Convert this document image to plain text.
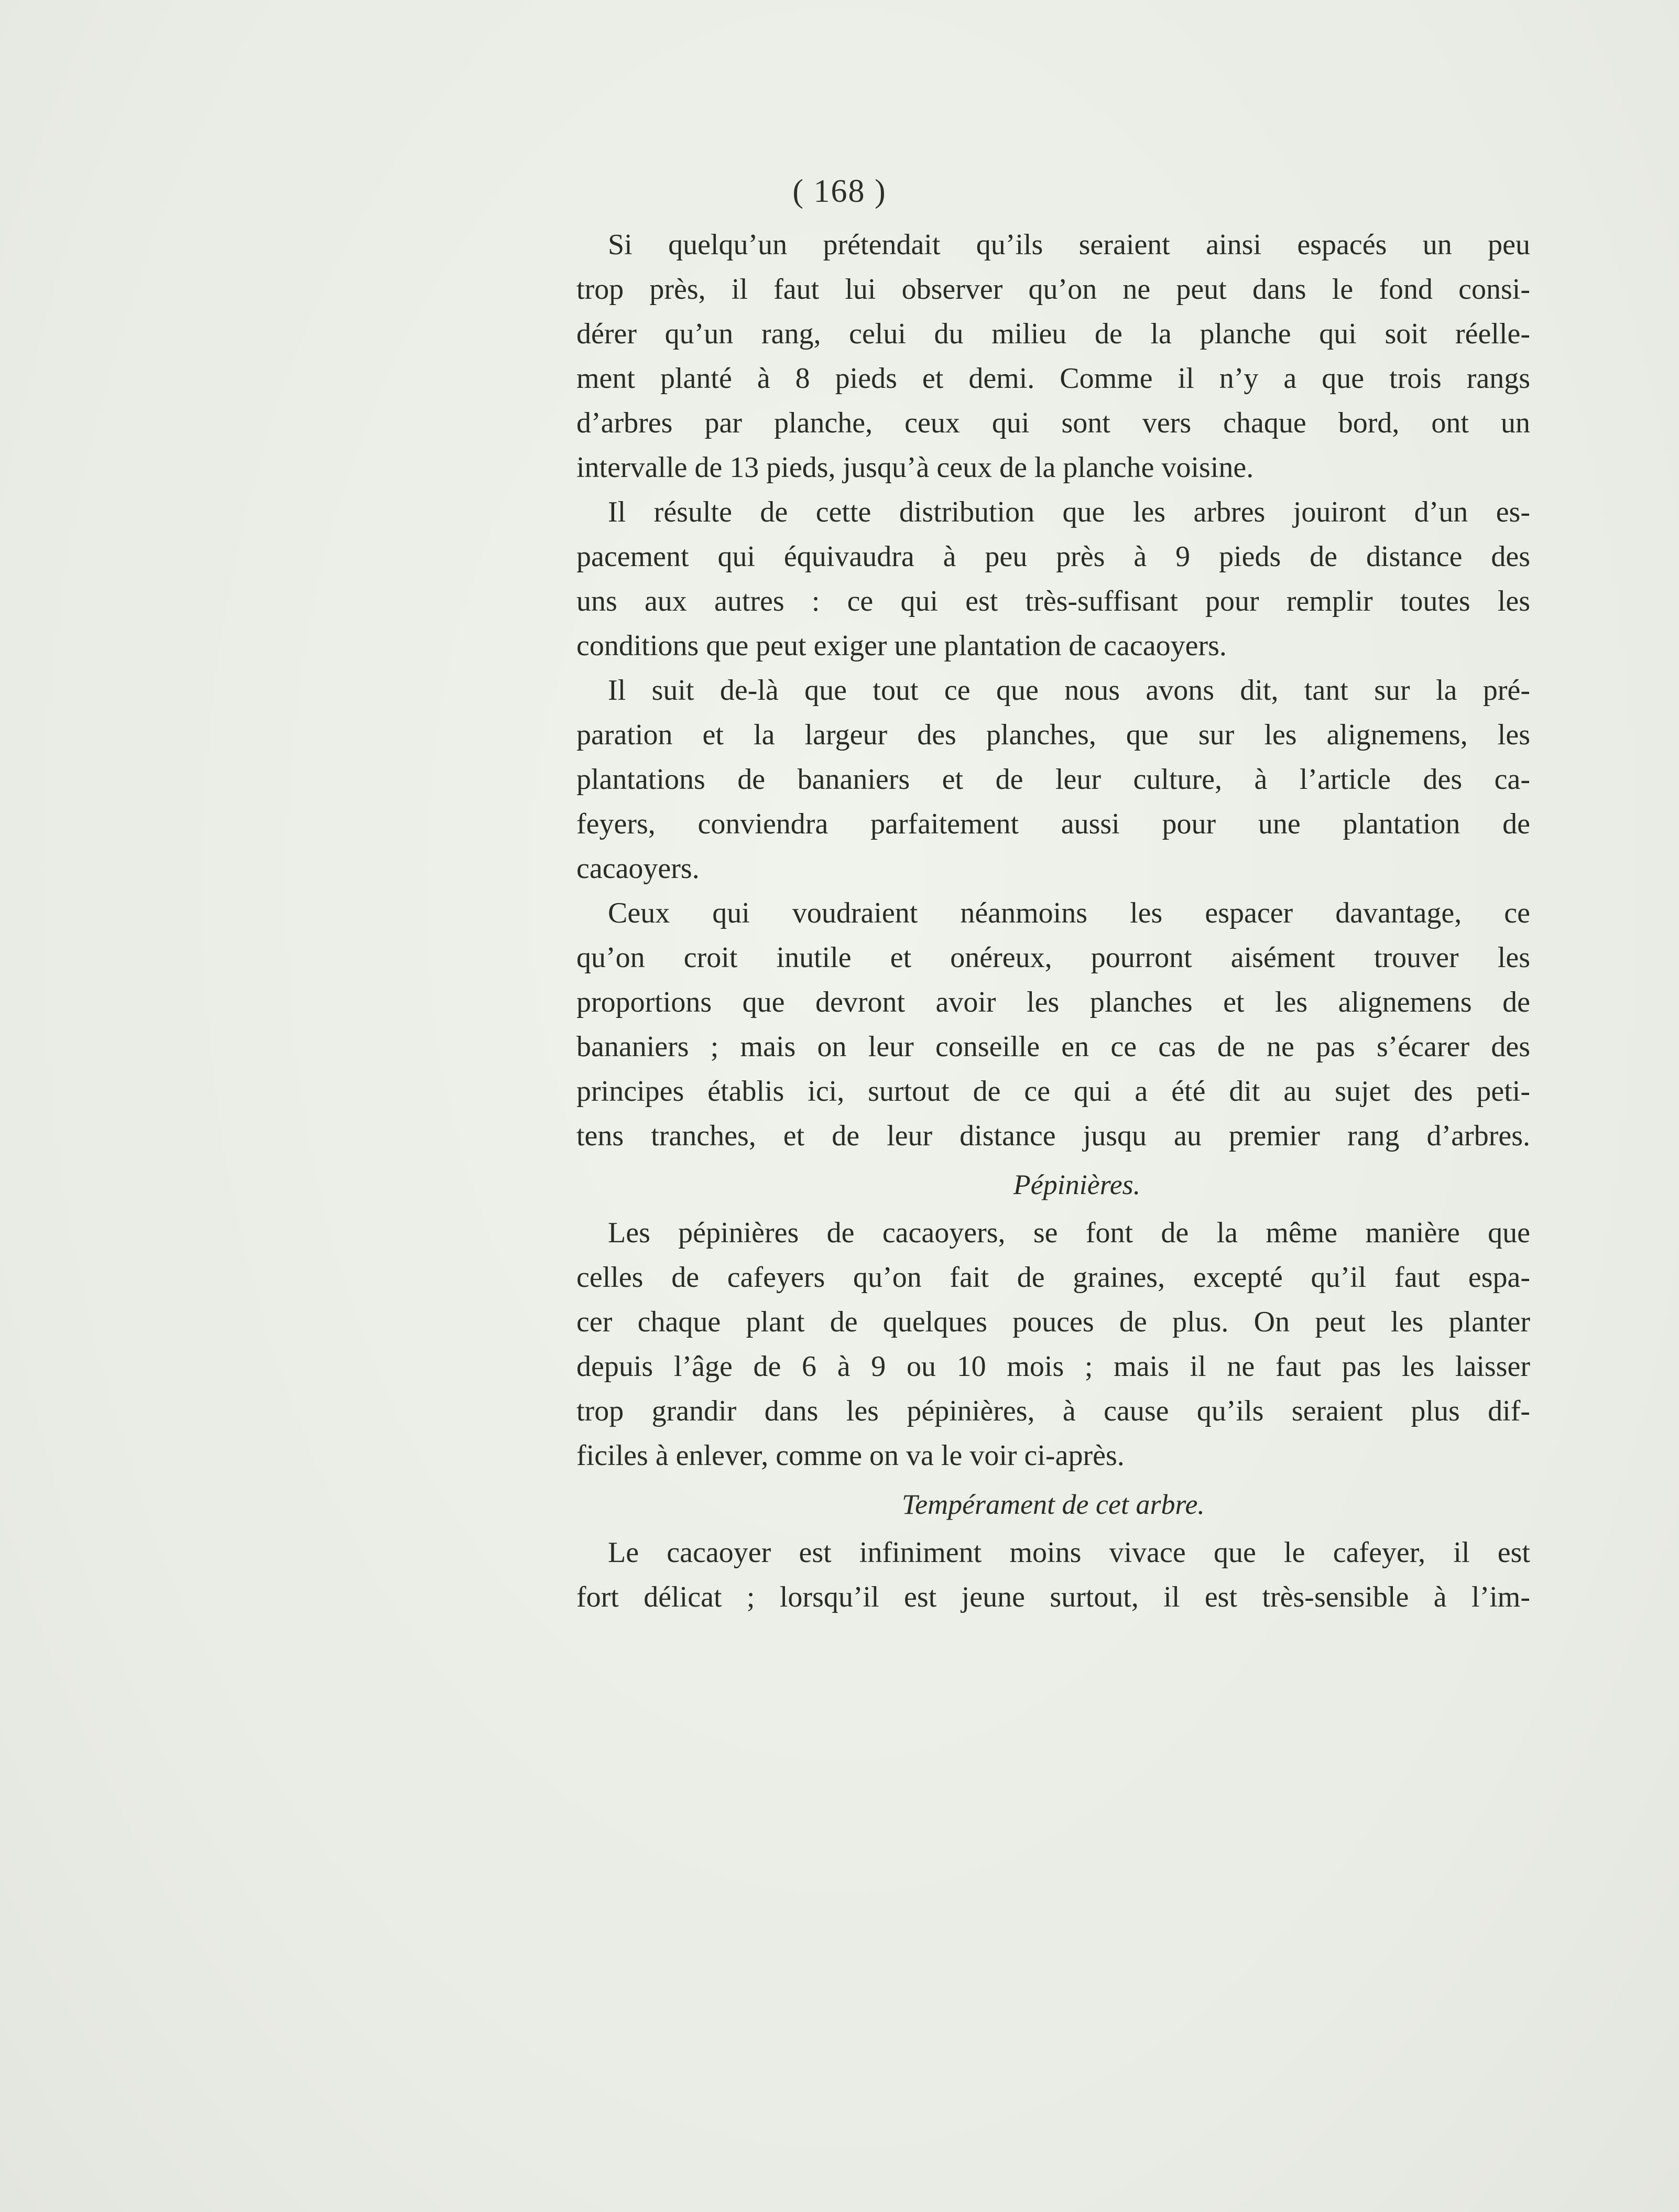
( 168 )
Si quelqu’un prétendait qu’ils seraient ainsi espacés un peu
trop près, il faut lui observer qu’on ne peut dans le fond consi-
dérer qu’un rang, celui du milieu de la planche qui soit réelle-
ment planté à 8 pieds et demi. Comme il n’y a que trois rangs
d’arbres par planche, ceux qui sont vers chaque bord, ont un
intervalle de 13 pieds, jusqu’à ceux de la planche voisine.
Il résulte de cette distribution que les arbres jouiront d’un es-
pacement qui équivaudra à peu près à 9 pieds de distance des
uns aux autres : ce qui est très-suffisant pour remplir toutes les
conditions que peut exiger une plantation de cacaoyers.
Il suit de-là que tout ce que nous avons dit, tant sur la pré-
paration et la largeur des planches, que sur les alignemens, les
plantations de bananiers et de leur culture, à l’article des ca-
feyers, conviendra parfaitement aussi pour une plantation de
cacaoyers.
Ceux qui voudraient néanmoins les espacer davantage, ce
qu’on croit inutile et onéreux, pourront aisément trouver les
proportions que devront avoir les planches et les alignemens de
bananiers ; mais on leur conseille en ce cas de ne pas s’écarer des
principes établis ici, surtout de ce qui a été dit au sujet des peti-
tens tranches, et de leur distance jusqu au premier rang d’arbres.
Pépinières.
Les pépinières de cacaoyers, se font de la même manière que
celles de cafeyers qu’on fait de graines, excepté qu’il faut espa-
cer chaque plant de quelques pouces de plus. On peut les planter
depuis l’âge de 6 à 9 ou 10 mois ; mais il ne faut pas les laisser
trop grandir dans les pépinières, à cause qu’ils seraient plus dif-
ficiles à enlever, comme on va le voir ci-après.
Tempérament de cet arbre.
Le cacaoyer est infiniment moins vivace que le cafeyer, il est
fort délicat ; lorsqu’il est jeune surtout, il est très-sensible à l’im-
